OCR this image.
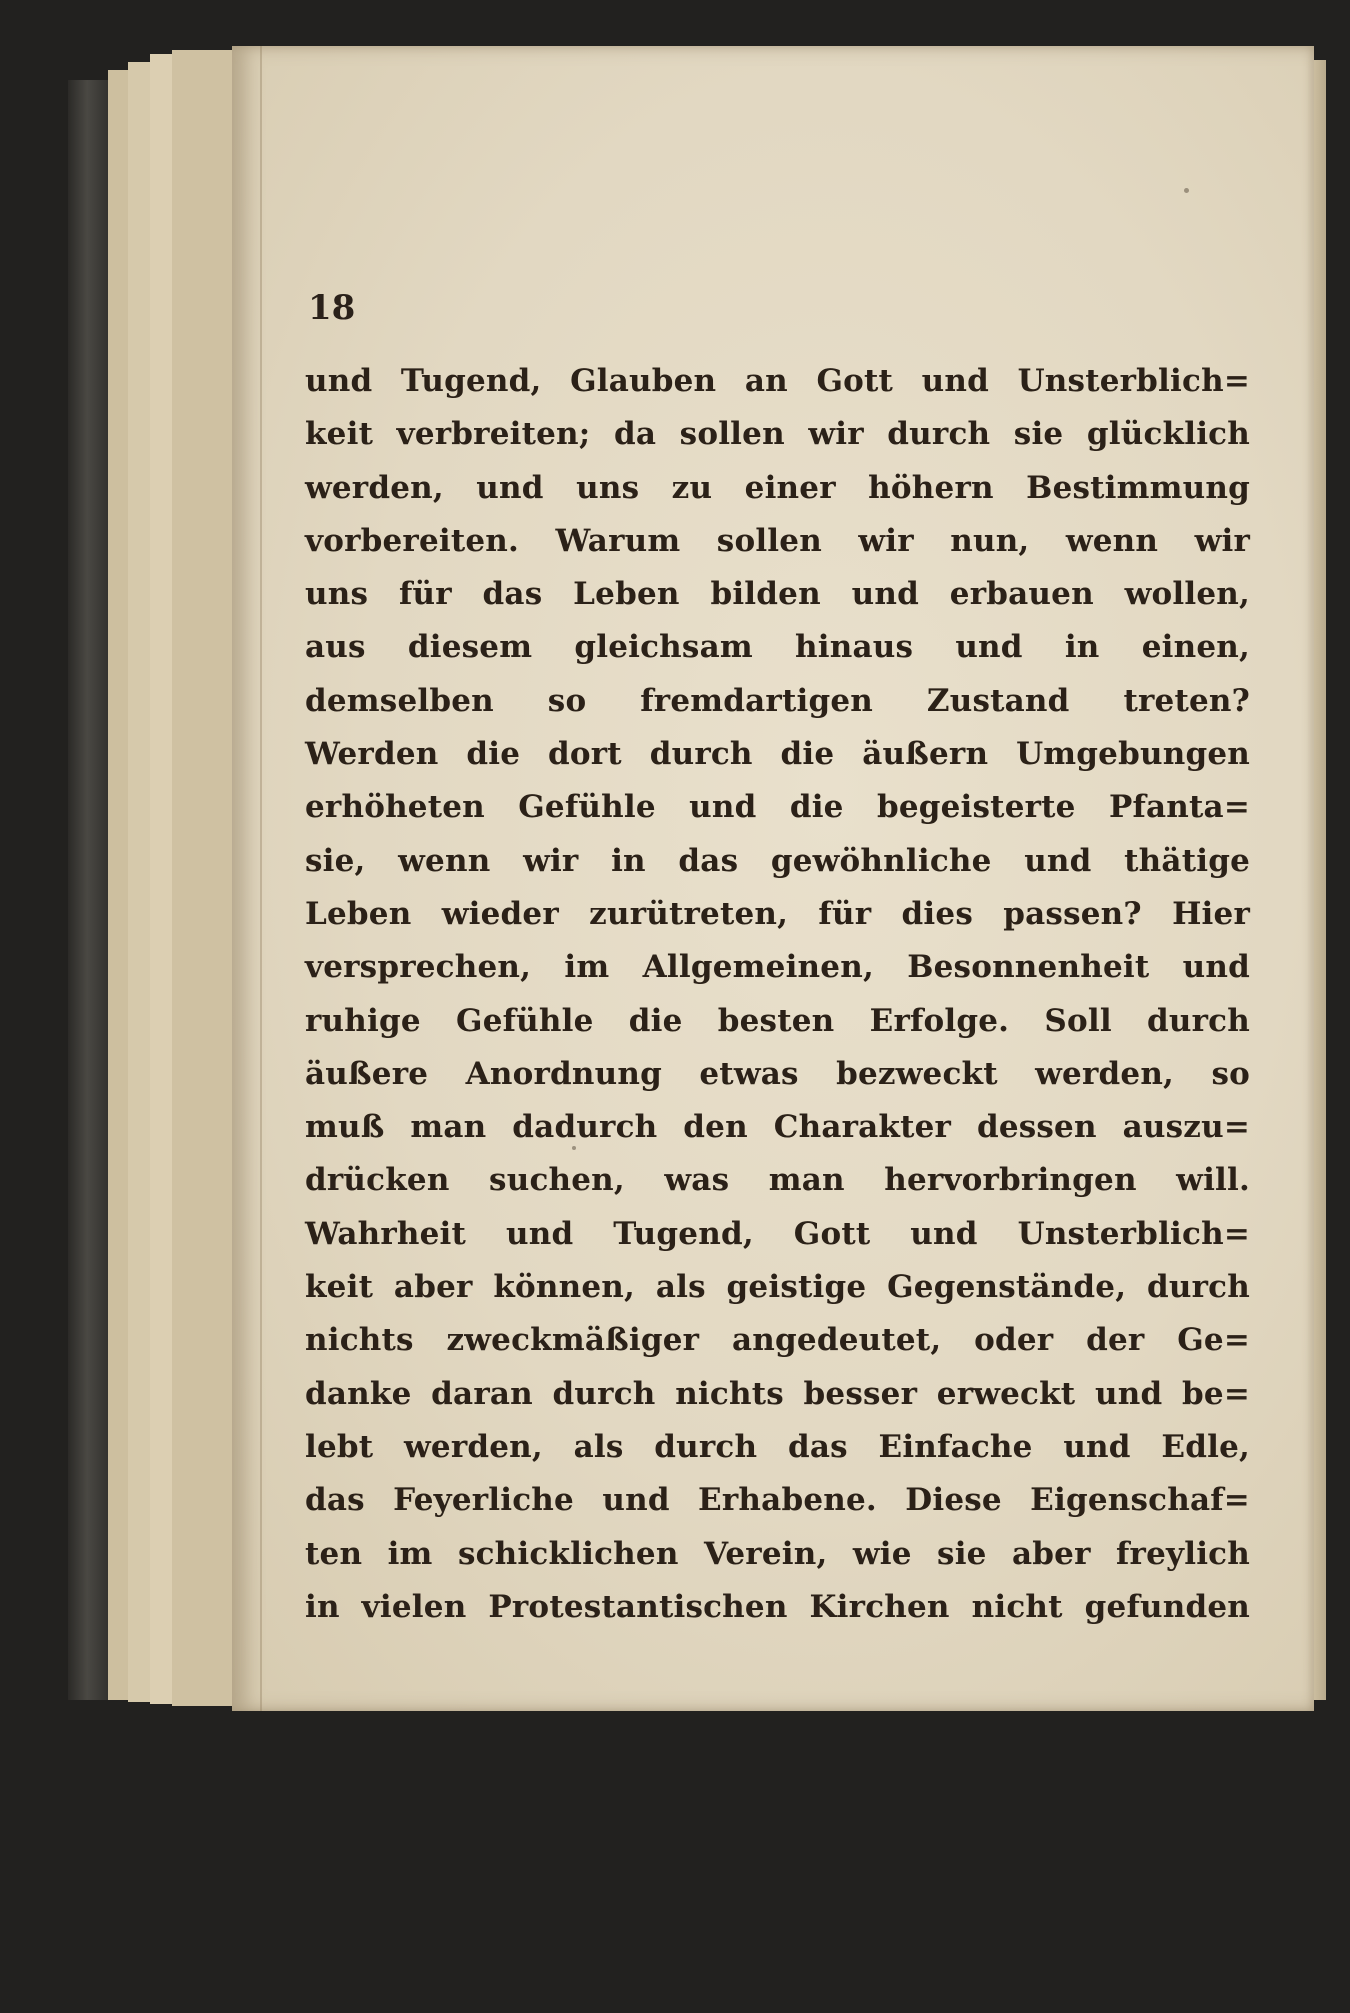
18
und Tugend, Glauben an Gott und Unsterblich=
keit verbreiten; da sollen wir durch sie glücklich
werden, und uns zu einer höhern Bestimmung
vorbereiten. Warum sollen wir nun, wenn wir
uns für das Leben bilden und erbauen wollen,
aus diesem gleichsam hinaus und in einen,
demselben so fremdartigen Zustand treten?
Werden die dort durch die äußern Umgebungen
erhöheten Gefühle und die begeisterte Pfanta=
sie, wenn wir in das gewöhnliche und thätige
Leben wieder zurütreten, für dies passen? Hier
versprechen, im Allgemeinen, Besonnenheit und
ruhige Gefühle die besten Erfolge. Soll durch
äußere Anordnung etwas bezweckt werden, so
muß man dadurch den Charakter dessen auszu=
drücken suchen, was man hervorbringen will.
Wahrheit und Tugend, Gott und Unsterblich=
keit aber können, als geistige Gegenstände, durch
nichts zweckmäßiger angedeutet, oder der Ge=
danke daran durch nichts besser erweckt und be=
lebt werden, als durch das Einfache und Edle,
das Feyerliche und Erhabene. Diese Eigenschaf=
ten im schicklichen Verein, wie sie aber freylich
in vielen Protestantischen Kirchen nicht gefunden
